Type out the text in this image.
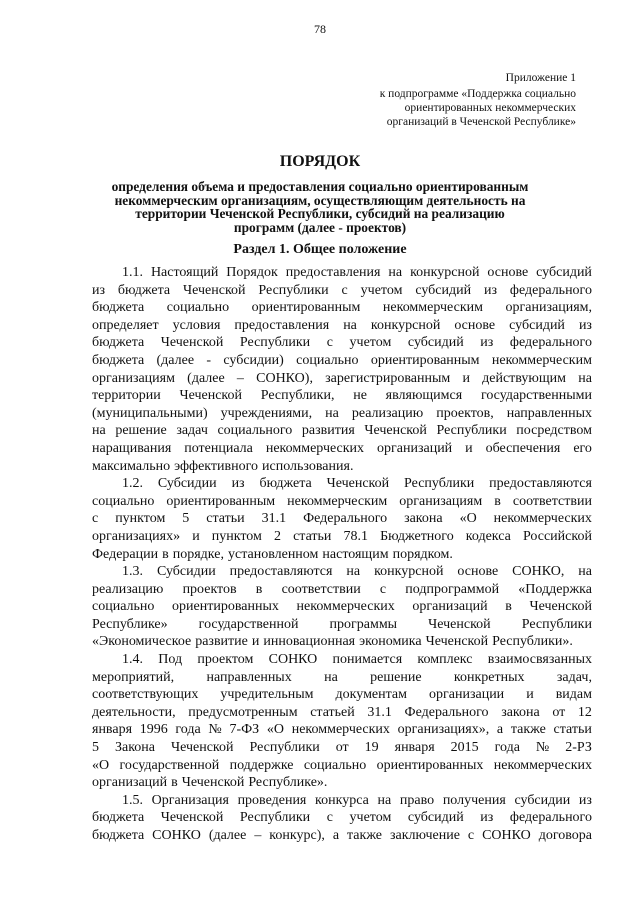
78
Приложение 1
к подпрограмме «Поддержка социально
ориентированных некоммерческих
организаций в Чеченской Республике»
ПОРЯДОК
определения объема и предоставления социально ориентированным
некоммерческим организациям, осуществляющим деятельность на
территории Чеченской Республики, субсидий на реализацию
программ (далее - проектов)
Раздел 1. Общее положение
1.1. Настоящий Порядок предоставления на конкурсной основе субсидий
из бюджета Чеченской Республики с учетом субсидий из федерального
бюджета социально ориентированным некоммерческим организациям,
определяет условия предоставления на конкурсной основе субсидий из
бюджета Чеченской Республики с учетом субсидий из федерального
бюджета (далее - субсидии) социально ориентированным некоммерческим
организациям (далее – СОНКО), зарегистрированным и действующим на
территории Чеченской Республики, не являющимся государственными
(муниципальными) учреждениями, на реализацию проектов, направленных
на решение задач социального развития Чеченской Республики посредством
наращивания потенциала некоммерческих организаций и обеспечения его
максимально эффективного использования.
1.2. Субсидии из бюджета Чеченской Республики предоставляются
социально ориентированным некоммерческим организациям в соответствии
с пунктом 5 статьи 31.1 Федерального закона «О некоммерческих
организациях» и пунктом 2 статьи 78.1 Бюджетного кодекса Российской
Федерации в порядке, установленном настоящим порядком.
1.3. Субсидии предоставляются на конкурсной основе СОНКО, на
реализацию проектов в соответствии с подпрограммой «Поддержка
социально ориентированных некоммерческих организаций в Чеченской
Республике» государственной программы Чеченской Республики
«Экономическое развитие и инновационная экономика Чеченской Республики».
1.4. Под проектом СОНКО понимается комплекс взаимосвязанных
мероприятий, направленных на решение конкретных задач,
соответствующих учредительным документам организации и видам
деятельности, предусмотренным статьей 31.1 Федерального закона от 12
января 1996 года № 7-ФЗ «О некоммерческих организациях», а также статьи
5 Закона Чеченской Республики от 19 января 2015 года № 2-РЗ
«О государственной поддержке социально ориентированных некоммерческих
организаций в Чеченской Республике».
1.5. Организация проведения конкурса на право получения субсидии из
бюджета Чеченской Республики с учетом субсидий из федерального
бюджета СОНКО (далее – конкурс), а также заключение с СОНКО договора
